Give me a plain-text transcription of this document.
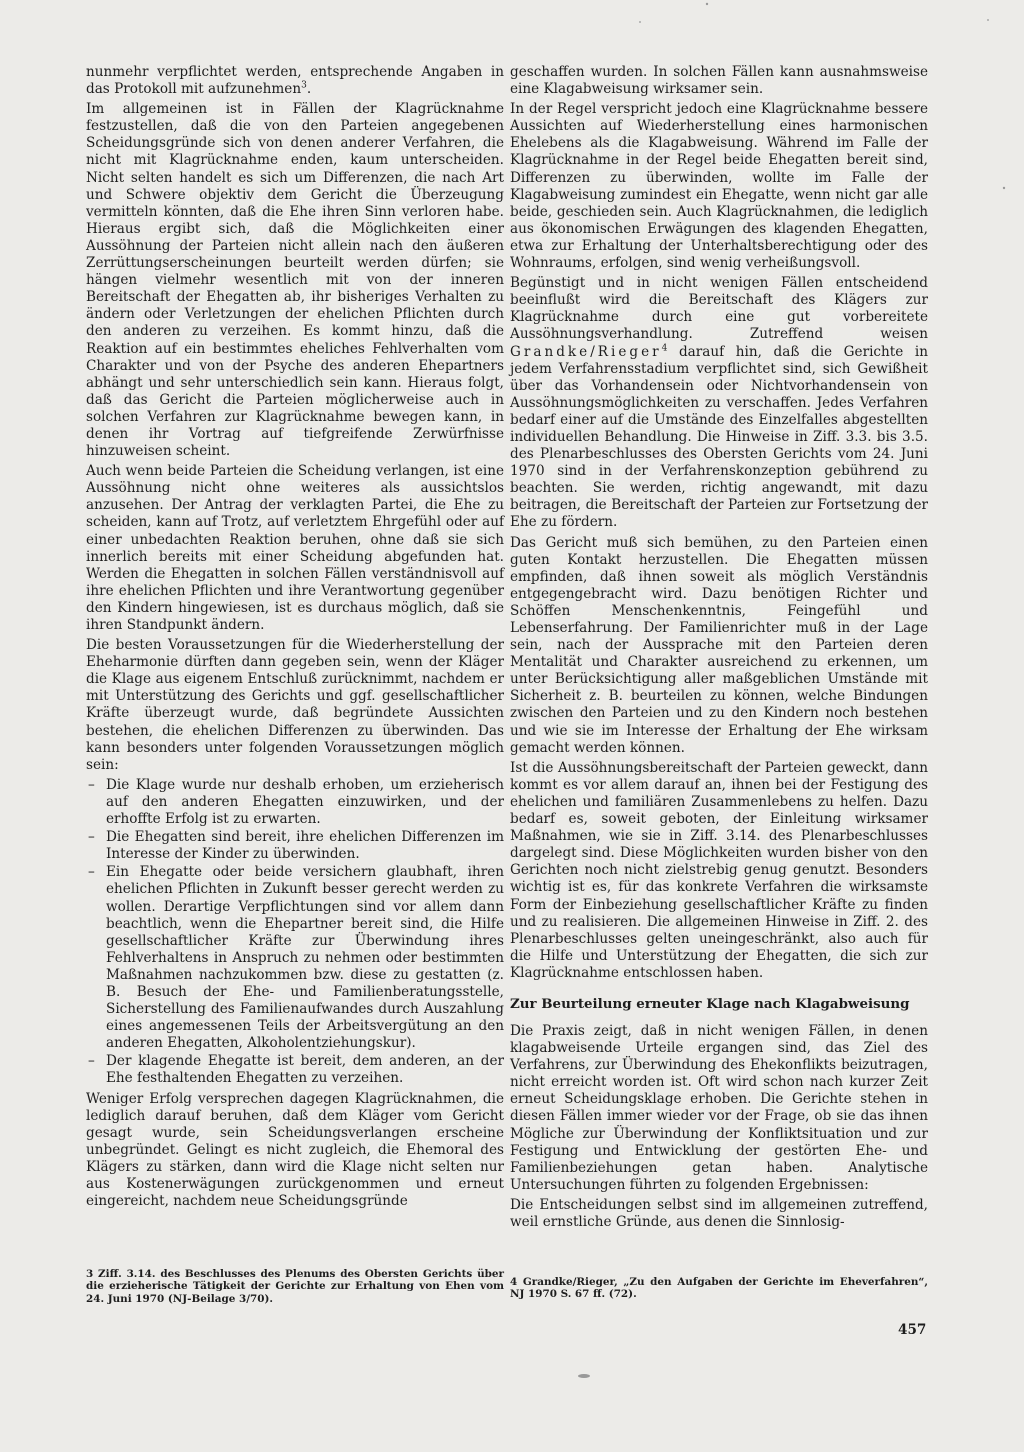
nunmehr verpflichtet werden, entsprechende Angaben in das Protokoll mit aufzunehmen$^3$.

Im allgemeinen ist in Fällen der Klagrücknahme festzustellen, daß die von den Parteien angegebenen Scheidungsgründe sich von denen anderer Verfahren, die nicht mit Klagrücknahme enden, kaum unterscheiden. Nicht selten handelt es sich um Differenzen, die nach Art und Schwere objektiv dem Gericht die Überzeugung vermitteln könnten, daß die Ehe ihren Sinn verloren habe. Hieraus ergibt sich, daß die Möglichkeiten einer Aussöhnung der Parteien nicht allein nach den äußeren Zerrüttungserscheinungen beurteilt werden dürfen; sie hängen vielmehr wesentlich mit von der inneren Bereitschaft der Ehegatten ab, ihr bisheriges Verhalten zu ändern oder Verletzungen der ehelichen Pflichten durch den anderen zu verzeihen. Es kommt hinzu, daß die Reaktion auf ein bestimmtes eheliches Fehlverhalten vom Charakter und von der Psyche des anderen Ehepartners abhängt und sehr unterschiedlich sein kann. Hieraus folgt, daß das Gericht die Parteien möglicherweise auch in solchen Verfahren zur Klagrücknahme bewegen kann, in denen ihr Vortrag auf tiefgreifende Zerwürfnisse hinzuweisen scheint.

Auch wenn beide Parteien die Scheidung verlangen, ist eine Aussöhnung nicht ohne weiteres als aussichtslos anzusehen. Der Antrag der verklagten Partei, die Ehe zu scheiden, kann auf Trotz, auf verletztem Ehrgefühl oder auf einer unbedachten Reaktion beruhen, ohne daß sie sich innerlich bereits mit einer Scheidung abgefunden hat. Werden die Ehegatten in solchen Fällen verständnisvoll auf ihre ehelichen Pflichten und ihre Verantwortung gegenüber den Kindern hingewiesen, ist es durchaus möglich, daß sie ihren Standpunkt ändern.

Die besten Voraussetzungen für die Wiederherstellung der Eheharmonie dürften dann gegeben sein, wenn der Kläger die Klage aus eigenem Entschluß zurücknimmt, nachdem er mit Unterstützung des Gerichts und ggf. gesellschaftlicher Kräfte überzeugt wurde, daß begründete Aussichten bestehen, die ehelichen Differenzen zu überwinden. Das kann besonders unter folgenden Voraussetzungen möglich sein:

– Die Klage wurde nur deshalb erhoben, um erzieherisch auf den anderen Ehegatten einzuwirken, und der erhoffte Erfolg ist zu erwarten.
– Die Ehegatten sind bereit, ihre ehelichen Differenzen im Interesse der Kinder zu überwinden.
– Ein Ehegatte oder beide versichern glaubhaft, ihren ehelichen Pflichten in Zukunft besser gerecht werden zu wollen. Derartige Verpflichtungen sind vor allem dann beachtlich, wenn die Ehepartner bereit sind, die Hilfe gesellschaftlicher Kräfte zur Überwindung ihres Fehlverhaltens in Anspruch zu nehmen oder bestimmten Maßnahmen nachzukommen bzw. diese zu gestatten (z. B. Besuch der Ehe- und Familienberatungsstelle, Sicherstellung des Familienaufwandes durch Auszahlung eines angemessenen Teils der Arbeitsvergütung an den anderen Ehegatten, Alkoholentziehungskur).
– Der klagende Ehegatte ist bereit, dem anderen, an der Ehe festhaltenden Ehegatten zu verzeihen.

Weniger Erfolg versprechen dagegen Klagrücknahmen, die lediglich darauf beruhen, daß dem Kläger vom Gericht gesagt wurde, sein Scheidungsverlangen erscheine unbegründet. Gelingt es nicht zugleich, die Ehemoral des Klägers zu stärken, dann wird die Klage nicht selten nur aus Kostenerwägungen zurückgenommen und erneut eingereicht, nachdem neue Scheidungsgründe

geschaffen wurden. In solchen Fällen kann ausnahmsweise eine Klagabweisung wirksamer sein.

In der Regel verspricht jedoch eine Klagrücknahme bessere Aussichten auf Wiederherstellung eines harmonischen Ehelebens als die Klagabweisung. Während im Falle der Klagrücknahme in der Regel beide Ehegatten bereit sind, Differenzen zu überwinden, wollte im Falle der Klagabweisung zumindest ein Ehegatte, wenn nicht gar alle beide, geschieden sein. Auch Klagrücknahmen, die lediglich aus ökonomischen Erwägungen des klagenden Ehegatten, etwa zur Erhaltung der Unterhaltsberechtigung oder des Wohnraums, erfolgen, sind wenig verheißungsvoll.

Begünstigt und in nicht wenigen Fällen entscheidend beeinflußt wird die Bereitschaft des Klägers zur Klagrücknahme durch eine gut vorbereitete Aussöhnungsverhandlung. Zutreffend weisen Grandke/Rieger$^4$ darauf hin, daß die Gerichte in jedem Verfahrensstadium verpflichtet sind, sich Gewißheit über das Vorhandensein oder Nichtvorhandensein von Aussöhnungsmöglichkeiten zu verschaffen. Jedes Verfahren bedarf einer auf die Umstände des Einzelfalles abgestellten individuellen Behandlung. Die Hinweise in Ziff. 3.3. bis 3.5. des Plenarbeschlusses des Obersten Gerichts vom 24. Juni 1970 sind in der Verfahrenskonzeption gebührend zu beachten. Sie werden, richtig angewandt, mit dazu beitragen, die Bereitschaft der Parteien zur Fortsetzung der Ehe zu fördern.

Das Gericht muß sich bemühen, zu den Parteien einen guten Kontakt herzustellen. Die Ehegatten müssen empfinden, daß ihnen soweit als möglich Verständnis entgegengebracht wird. Dazu benötigen Richter und Schöffen Menschenkenntnis, Feingefühl und Lebenserfahrung. Der Familienrichter muß in der Lage sein, nach der Aussprache mit den Parteien deren Mentalität und Charakter ausreichend zu erkennen, um unter Berücksichtigung aller maßgeblichen Umstände mit Sicherheit z. B. beurteilen zu können, welche Bindungen zwischen den Parteien und zu den Kindern noch bestehen und wie sie im Interesse der Erhaltung der Ehe wirksam gemacht werden können.

Ist die Aussöhnungsbereitschaft der Parteien geweckt, dann kommt es vor allem darauf an, ihnen bei der Festigung des ehelichen und familiären Zusammenlebens zu helfen. Dazu bedarf es, soweit geboten, der Einleitung wirksamer Maßnahmen, wie sie in Ziff. 3.14. des Plenarbeschlusses dargelegt sind. Diese Möglichkeiten wurden bisher von den Gerichten noch nicht zielstrebig genug genutzt. Besonders wichtig ist es, für das konkrete Verfahren die wirksamste Form der Einbeziehung gesellschaftlicher Kräfte zu finden und zu realisieren. Die allgemeinen Hinweise in Ziff. 2. des Plenarbeschlusses gelten uneingeschränkt, also auch für die Hilfe und Unterstützung der Ehegatten, die sich zur Klagrücknahme entschlossen haben.

Zur Beurteilung erneuter Klage nach Klagabweisung

Die Praxis zeigt, daß in nicht wenigen Fällen, in denen klagabweisende Urteile ergangen sind, das Ziel des Verfahrens, zur Überwindung des Ehekonflikts beizutragen, nicht erreicht worden ist. Oft wird schon nach kurzer Zeit erneut Scheidungsklage erhoben. Die Gerichte stehen in diesen Fällen immer wieder vor der Frage, ob sie das ihnen Mögliche zur Überwindung der Konfliktsituation und zur Festigung und Entwicklung der gestörten Ehe- und Familienbeziehungen getan haben. Analytische Untersuchungen führten zu folgenden Ergebnissen:

Die Entscheidungen selbst sind im allgemeinen zutreffend, weil ernstliche Gründe, aus denen die Sinnlosig-

3 Ziff. 3.14. des Beschlusses des Plenums des Obersten Gerichts über die erzieherische Tätigkeit der Gerichte zur Erhaltung von Ehen vom 24. Juni 1970 (NJ-Beilage 3/70).

4 Grandke/Rieger, „Zu den Aufgaben der Gerichte im Eheverfahren“, NJ 1970 S. 67 ff. (72).

457
